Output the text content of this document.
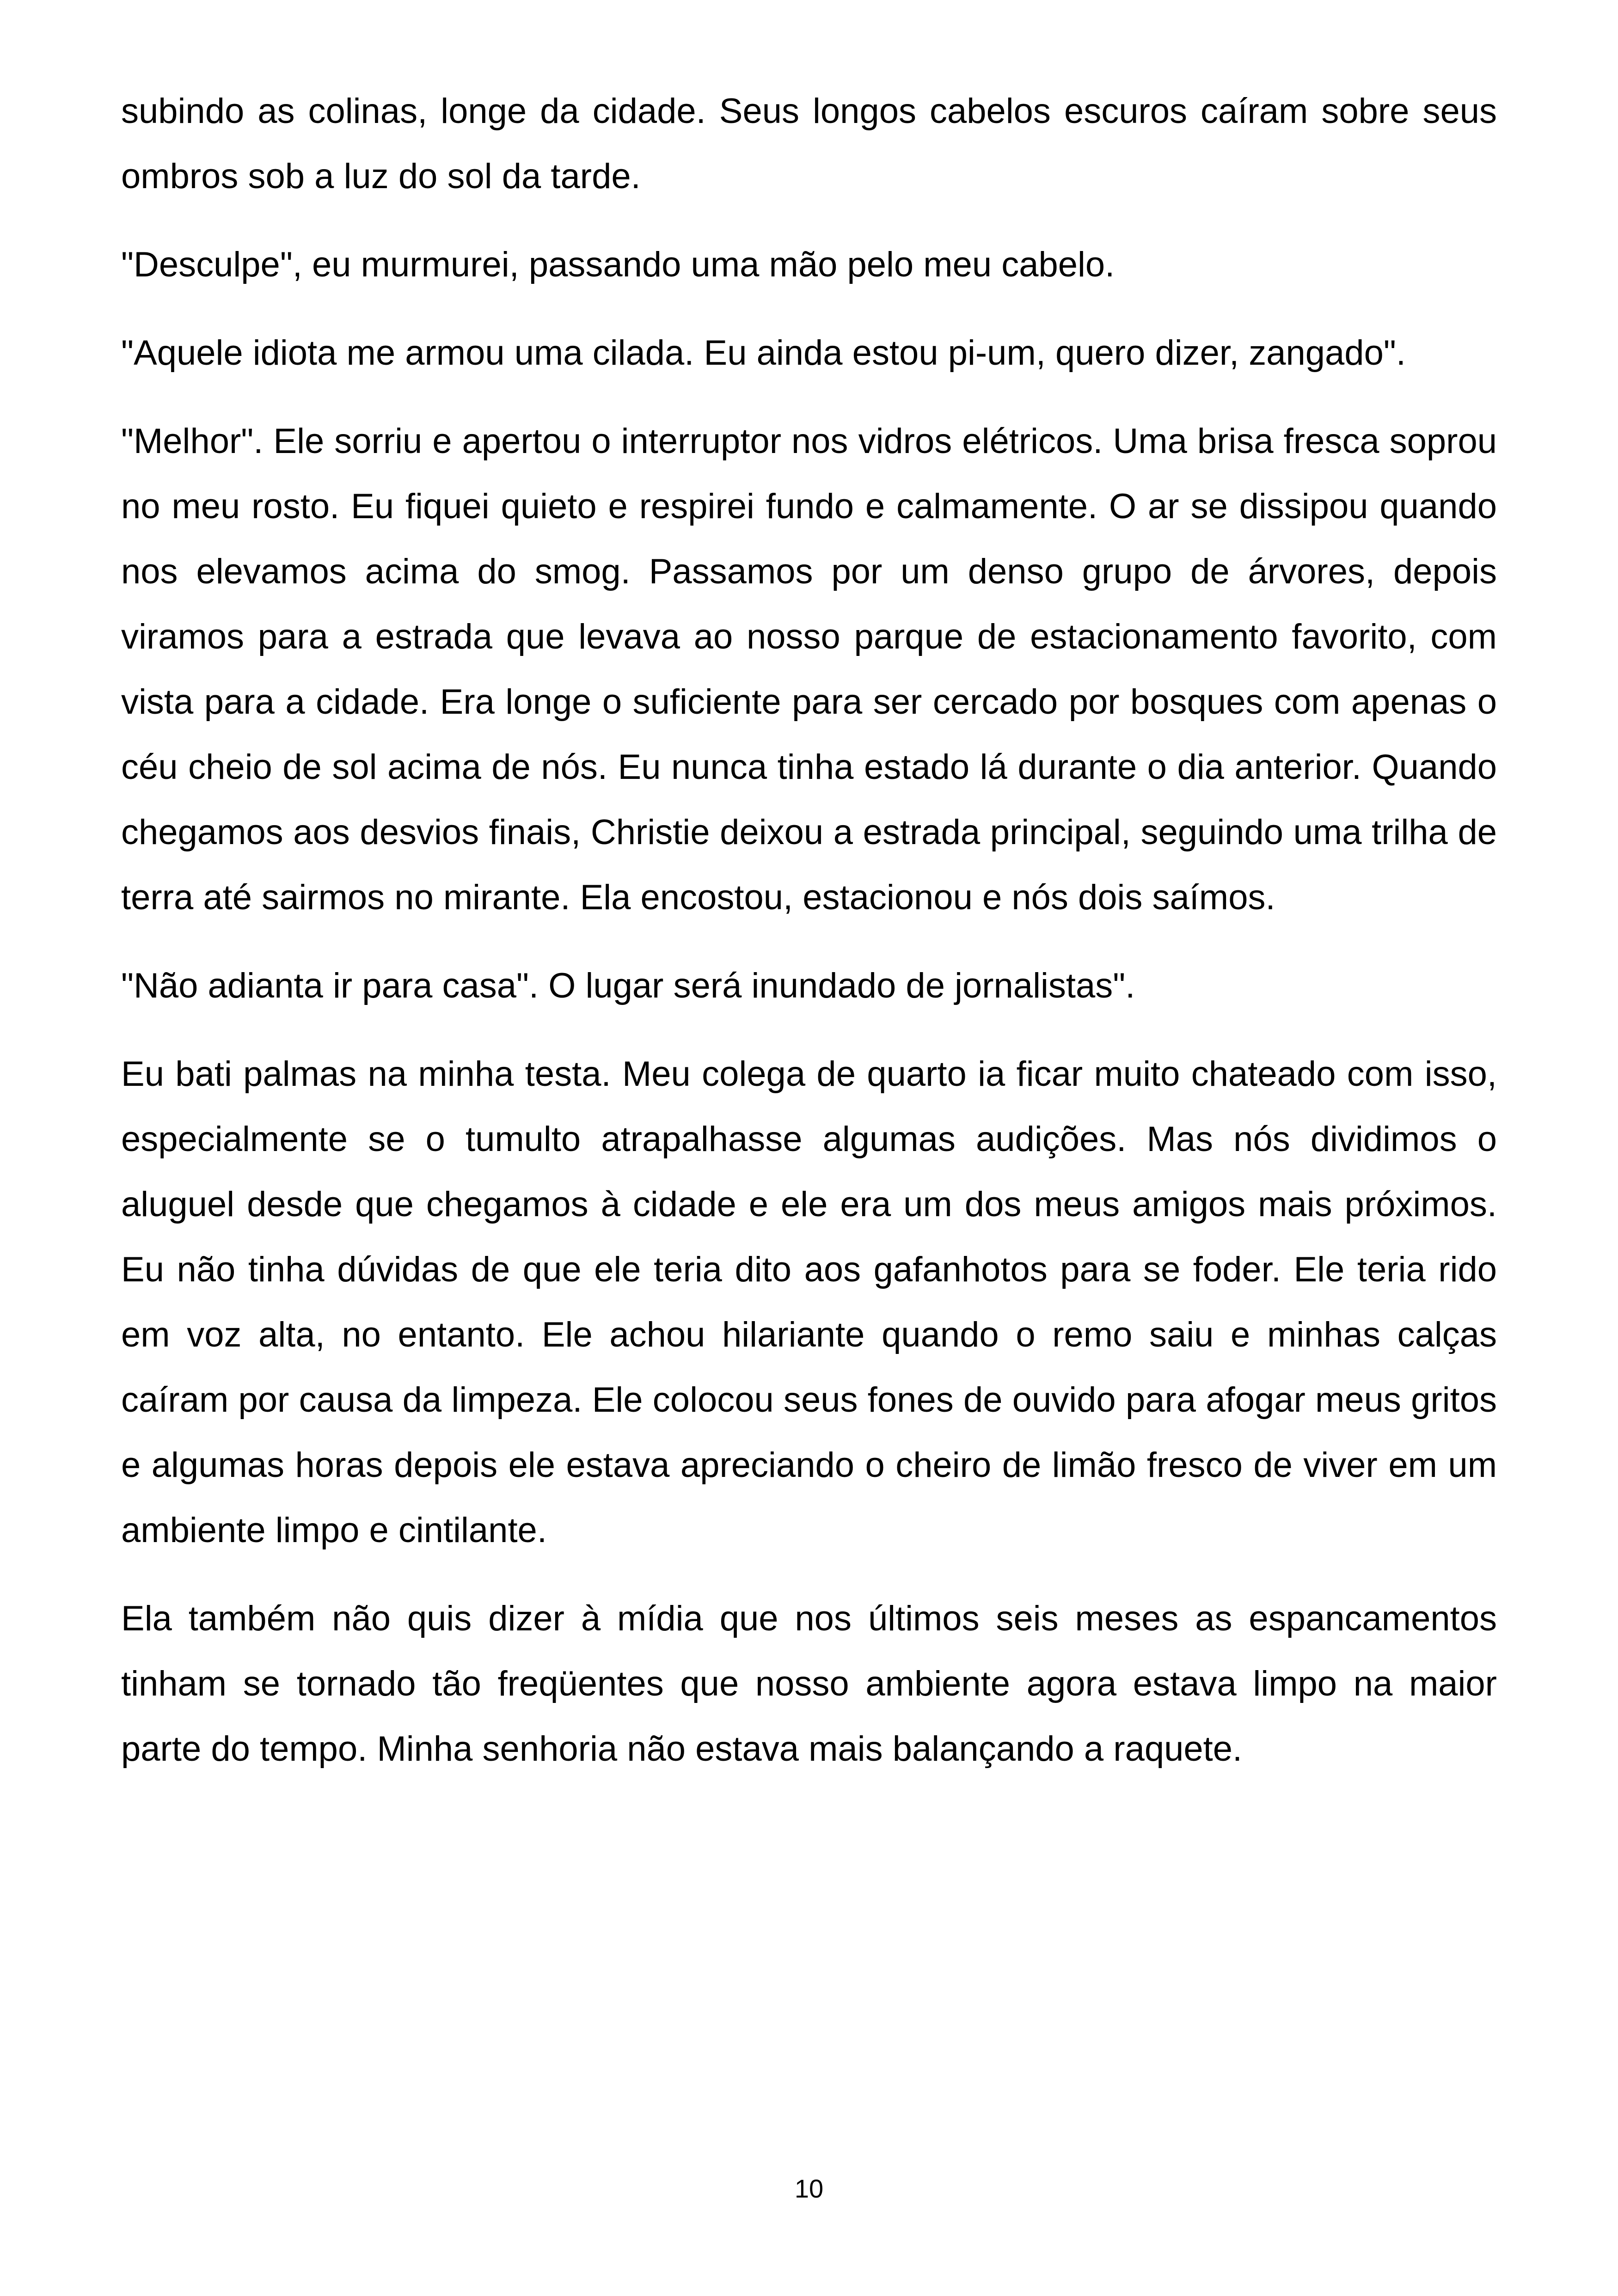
subindo as colinas, longe da cidade. Seus longos cabelos escuros caíram sobre seus ombros sob a luz do sol da tarde.

"Desculpe", eu murmurei, passando uma mão pelo meu cabelo.

"Aquele idiota me armou uma cilada. Eu ainda estou pi-um, quero dizer, zangado".

"Melhor". Ele sorriu e apertou o interruptor nos vidros elétricos. Uma brisa fresca soprou no meu rosto. Eu fiquei quieto e respirei fundo e calmamente. O ar se dissipou quando nos elevamos acima do smog. Passamos por um denso grupo de árvores, depois viramos para a estrada que levava ao nosso parque de estacionamento favorito, com vista para a cidade. Era longe o suficiente para ser cercado por bosques com apenas o céu cheio de sol acima de nós. Eu nunca tinha estado lá durante o dia anterior. Quando chegamos aos desvios finais, Christie deixou a estrada principal, seguindo uma trilha de terra até sairmos no mirante. Ela encostou, estacionou e nós dois saímos.

"Não adianta ir para casa". O lugar será inundado de jornalistas".

Eu bati palmas na minha testa. Meu colega de quarto ia ficar muito chateado com isso, especialmente se o tumulto atrapalhasse algumas audições. Mas nós dividimos o aluguel desde que chegamos à cidade e ele era um dos meus amigos mais próximos. Eu não tinha dúvidas de que ele teria dito aos gafanhotos para se foder. Ele teria rido em voz alta, no entanto. Ele achou hilariante quando o remo saiu e minhas calças caíram por causa da limpeza. Ele colocou seus fones de ouvido para afogar meus gritos e algumas horas depois ele estava apreciando o cheiro de limão fresco de viver em um ambiente limpo e cintilante.

Ela também não quis dizer à mídia que nos últimos seis meses as espancamentos tinham se tornado tão freqüentes que nosso ambiente agora estava limpo na maior parte do tempo. Minha senhoria não estava mais balançando a raquete.

10
